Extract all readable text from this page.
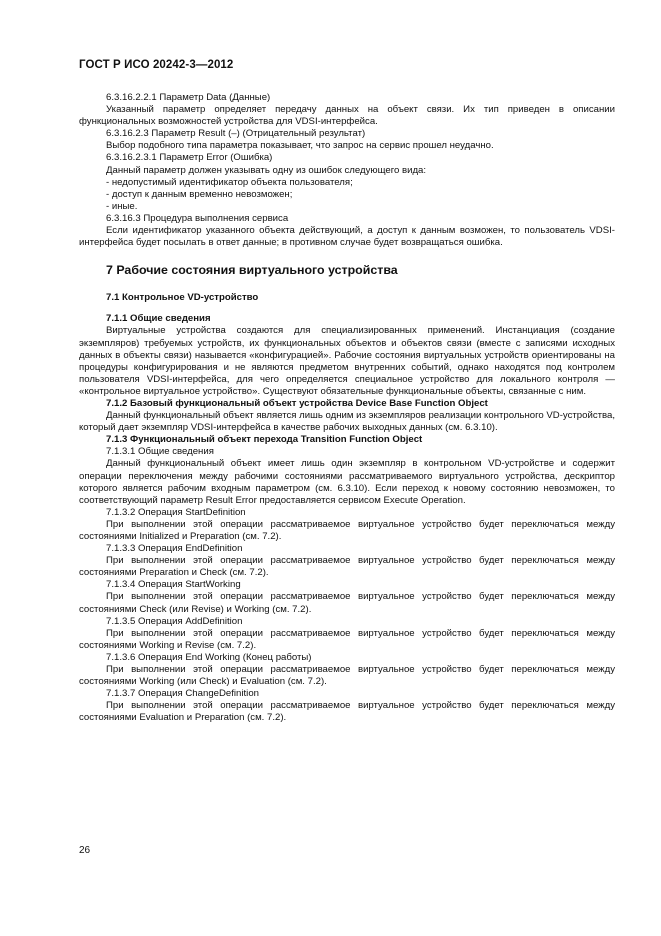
ГОСТ Р ИСО 20242-3—2012
6.3.16.2.2.1 Параметр Data (Данные)
Указанный параметр определяет передачу данных на объект связи. Их тип приведен в описании функциональных возможностей устройства для VDSI-интерфейса.
6.3.16.2.3 Параметр Result (–) (Отрицательный результат)
Выбор подобного типа параметра показывает, что запрос на сервис прошел неудачно.
6.3.16.2.3.1 Параметр Error (Ошибка)
Данный параметр должен указывать одну из ошибок следующего вида:
- недопустимый идентификатор объекта пользователя;
- доступ к данным временно невозможен;
- иные.
6.3.16.3 Процедура выполнения сервиса
Если идентификатор указанного объекта действующий, а доступ к данным возможен, то пользователь VDSI-интерфейса будет посылать в ответ данные; в противном случае будет возвращаться ошибка.
7 Рабочие состояния виртуального устройства
7.1 Контрольное VD-устройство
7.1.1 Общие сведения
Виртуальные устройства создаются для специализированных применений. Инстанциация (создание экземпляров) требуемых устройств, их функциональных объектов и объектов связи (вместе с записями исходных данных в объекты связи) называется «конфигурацией». Рабочие состояния виртуальных устройств ориентированы на процедуры конфигурирования и не являются предметом внутренних событий, однако находятся под контролем пользователя VDSI-интерфейса, для чего определяется специальное устройство для локального контроля — «контрольное виртуальное устройство». Существуют обязательные функциональные объекты, связанные с ним.
7.1.2 Базовый функциональный объект устройства Device Base Function Object
Данный функциональный объект является лишь одним из экземпляров реализации контрольного VD-устройства, который дает экземпляр VDSI-интерфейса в качестве рабочих выходных данных (см. 6.3.10).
7.1.3 Функциональный объект перехода Transition Function Object
7.1.3.1 Общие сведения
Данный функциональный объект имеет лишь один экземпляр в контрольном VD-устройстве и содержит операции переключения между рабочими состояниями рассматриваемого виртуального устройства, дескриптор которого является рабочим входным параметром (см. 6.3.10). Если переход к новому состоянию невозможен, то соответствующий параметр Result Error предоставляется сервисом Execute Operation.
7.1.3.2 Операция StartDefinition
При выполнении этой операции рассматриваемое виртуальное устройство будет переключаться между состояниями Initialized и Preparation (см. 7.2).
7.1.3.3 Операция EndDefinition
При выполнении этой операции рассматриваемое виртуальное устройство будет переключаться между состояниями Preparation и Check (см. 7.2).
7.1.3.4 Операция StartWorking
При выполнении этой операции рассматриваемое виртуальное устройство будет переключаться между состояниями Check (или Revise) и Working (см. 7.2).
7.1.3.5 Операция AddDefinition
При выполнении этой операции рассматриваемое виртуальное устройство будет переключаться между состояниями Working и Revise (см. 7.2).
7.1.3.6 Операция End Working (Конец работы)
При выполнении этой операции рассматриваемое виртуальное устройство будет переключаться между состояниями Working (или Check) и Evaluation (см. 7.2).
7.1.3.7 Операция ChangeDefinition
При выполнении этой операции рассматриваемое виртуальное устройство будет переключаться между состояниями Evaluation и Preparation (см. 7.2).
26
